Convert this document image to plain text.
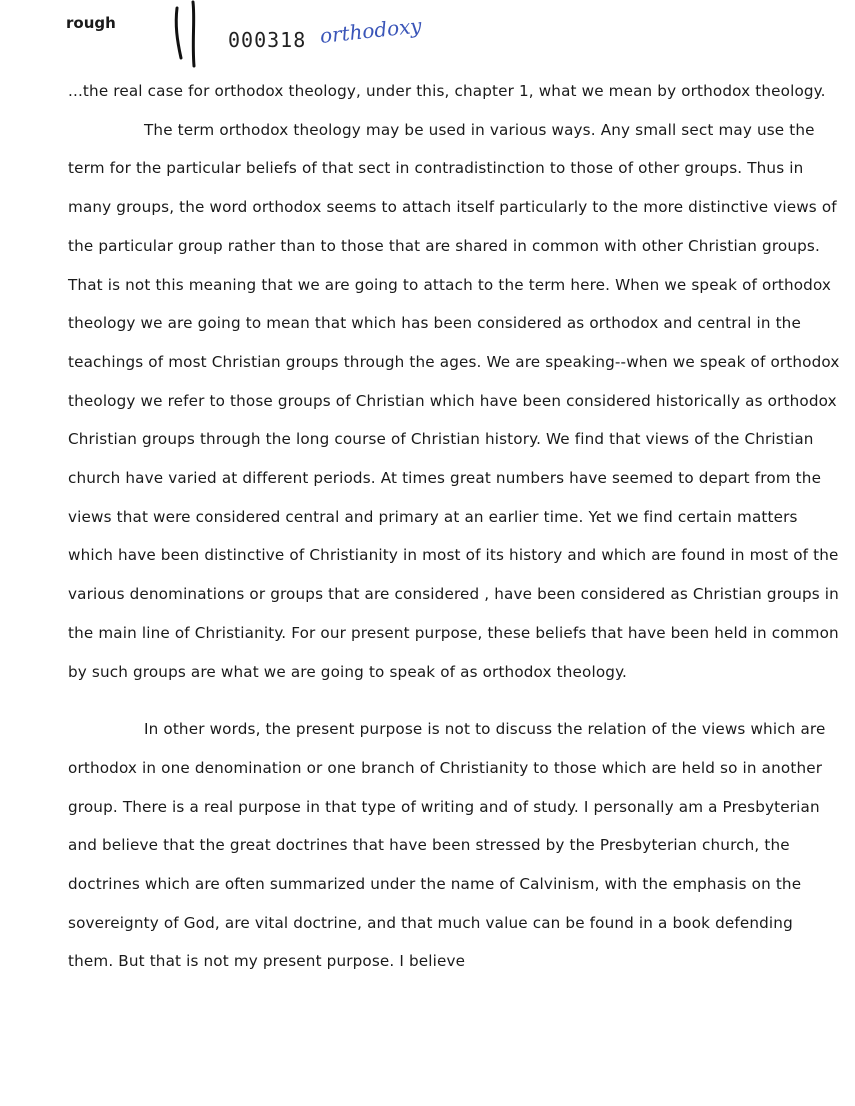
rough
000318 orthodoxy

...the real case for orthodox theology, under this, chapter 1, what we mean by orthodox theology.

The term orthodox theology may be used in various ways. Any small sect may use the term for the particular beliefs of that sect in contradistinction to those of other groups. Thus in many groups, the word orthodox seems to attach itself particularly to the more distinctive views of the particular group rather than to those that are shared in common with other Christian groups. That is not this meaning that we are going to attach to the term here. When we speak of orthodox theology we are going to mean that which has been considered as orthodox and central in the teachings of most Christian groups through the ages. We are speaking--when we speak of orthodox theology we refer to those groups of Christian which have been considered historically as orthodox Christian groups through the long course of Christian history. We find that views of the Christian church have varied at different periods. At times great numbers have seemed to depart from the views that were considered central and primary at an earlier time. Yet we find certain matters which have been distinctive of Christianity in most of its history and which are found in most of the various denominations or groups that are considered , have been considered as Christian groups in the main line of Christianity. For our present purpose, these beliefs that have been held in common by such groups are what we are going to speak of as orthodox theology.

In other words, the present purpose is not to discuss the relation of the views which are orthodox in one denomination or one branch of Christianity to those which are held so in another group. There is a real purpose in that type of writing and of study. I personally am a Presbyterian and believe that the great doctrines that have been stressed by the Presbyterian church, the doctrines which are often summarized under the name of Calvinism, with the emphasis on the sovereignty of God, are vital doctrine, and that much value can be found in a book defending them. But that is not my present purpose. I believe
